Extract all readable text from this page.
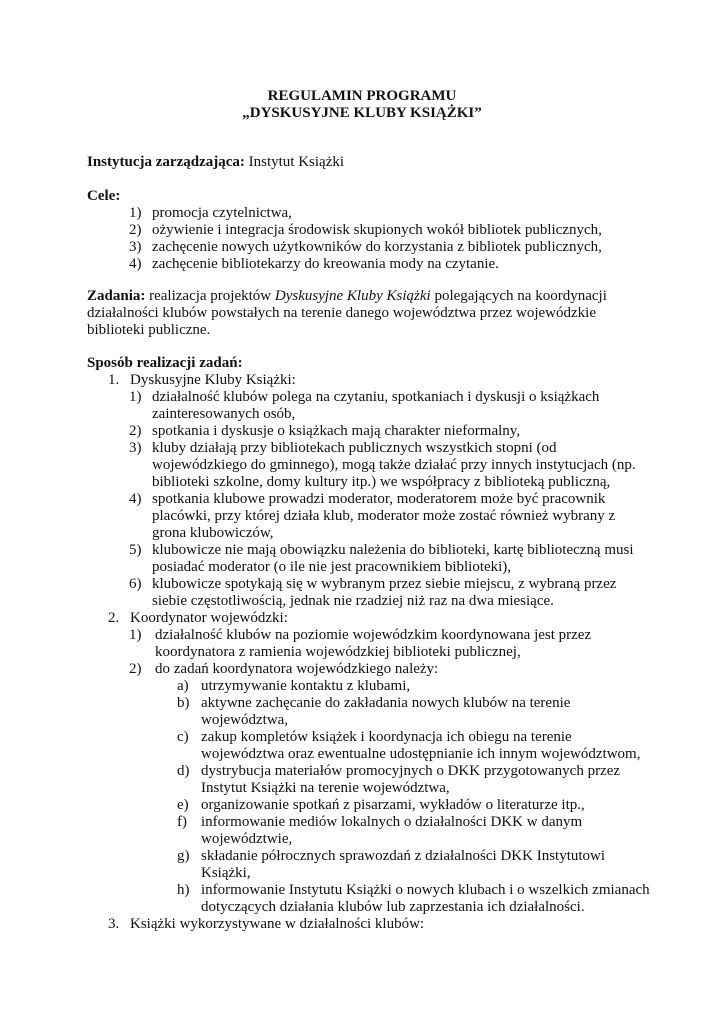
REGULAMIN PROGRAMU
„DYSKUSYJNE KLUBY KSIĄŻKI”
Instytucja zarządzająca: Instytut Książki
Cele:
1) promocja czytelnictwa,
2) ożywienie i integracja środowisk skupionych wokół bibliotek publicznych,
3) zachęcenie nowych użytkowników do korzystania z bibliotek publicznych,
4) zachęcenie bibliotekarzy do kreowania mody na czytanie.
Zadania: realizacja projektów Dyskusyjne Kluby Książki polegających na koordynacji
działalności klubów powstałych na terenie danego województwa przez wojewódzkie
biblioteki publiczne.
Sposób realizacji zadań:
1. Dyskusyjne Kluby Książki:
1) działalność klubów polega na czytaniu, spotkaniach i dyskusji o książkach
zainteresowanych osób,
2) spotkania i dyskusje o książkach mają charakter nieformalny,
3) kluby działają przy bibliotekach publicznych wszystkich stopni (od
wojewódzkiego do gminnego), mogą także działać przy innych instytucjach (np.
biblioteki szkolne, domy kultury itp.) we współpracy z biblioteką publiczną,
4) spotkania klubowe prowadzi moderator, moderatorem może być pracownik
placówki, przy której działa klub, moderator może zostać również wybrany z
grona klubowiczów,
5) klubowicze nie mają obowiązku należenia do biblioteki, kartę biblioteczną musi
posiadać moderator (o ile nie jest pracownikiem biblioteki),
6) klubowicze spotykają się w wybranym przez siebie miejscu, z wybraną przez
siebie częstotliwością, jednak nie rzadziej niż raz na dwa miesiące.
2. Koordynator wojewódzki:
1) działalność klubów na poziomie wojewódzkim koordynowana jest przez
koordynatora z ramienia wojewódzkiej biblioteki publicznej,
2) do zadań koordynatora wojewódzkiego należy:
a) utrzymywanie kontaktu z klubami,
b) aktywne zachęcanie do zakładania nowych klubów na terenie
województwa,
c) zakup kompletów książek i koordynacja ich obiegu na terenie
województwa oraz ewentualne udostępnianie ich innym województwom,
d) dystrybucja materiałów promocyjnych o DKK przygotowanych przez
Instytut Książki na terenie województwa,
e) organizowanie spotkań z pisarzami, wykładów o literaturze itp.,
f) informowanie mediów lokalnych o działalności DKK w danym
województwie,
g) składanie półrocznych sprawozdań z działalności DKK Instytutowi
Książki,
h) informowanie Instytutu Książki o nowych klubach i o wszelkich zmianach
dotyczących działania klubów lub zaprzestania ich działalności.
3. Książki wykorzystywane w działalności klubów:
